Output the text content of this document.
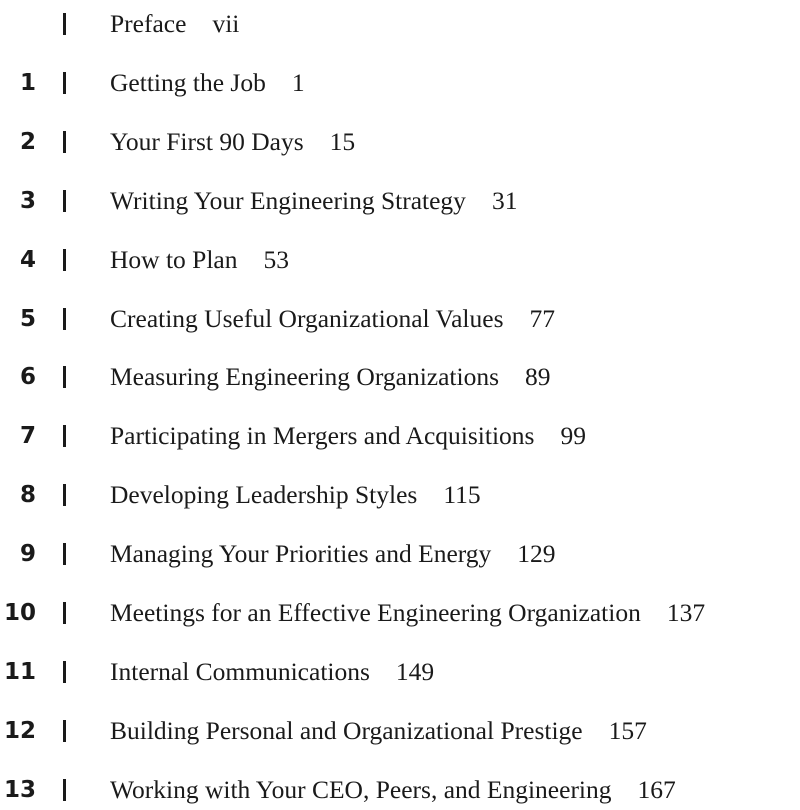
Preface vii
1	Getting the Job 1
2	Your First 90 Days 15
3	Writing Your Engineering Strategy 31
4	How to Plan 53
5	Creating Useful Organizational Values 77
6	Measuring Engineering Organizations 89
7	Participating in Mergers and Acquisitions 99
8	Developing Leadership Styles 115
9	Managing Your Priorities and Energy 129
10	Meetings for an Effective Engineering Organization 137
11	Internal Communications 149
12	Building Personal and Organizational Prestige 157
13	Working with Your CEO, Peers, and Engineering 167
